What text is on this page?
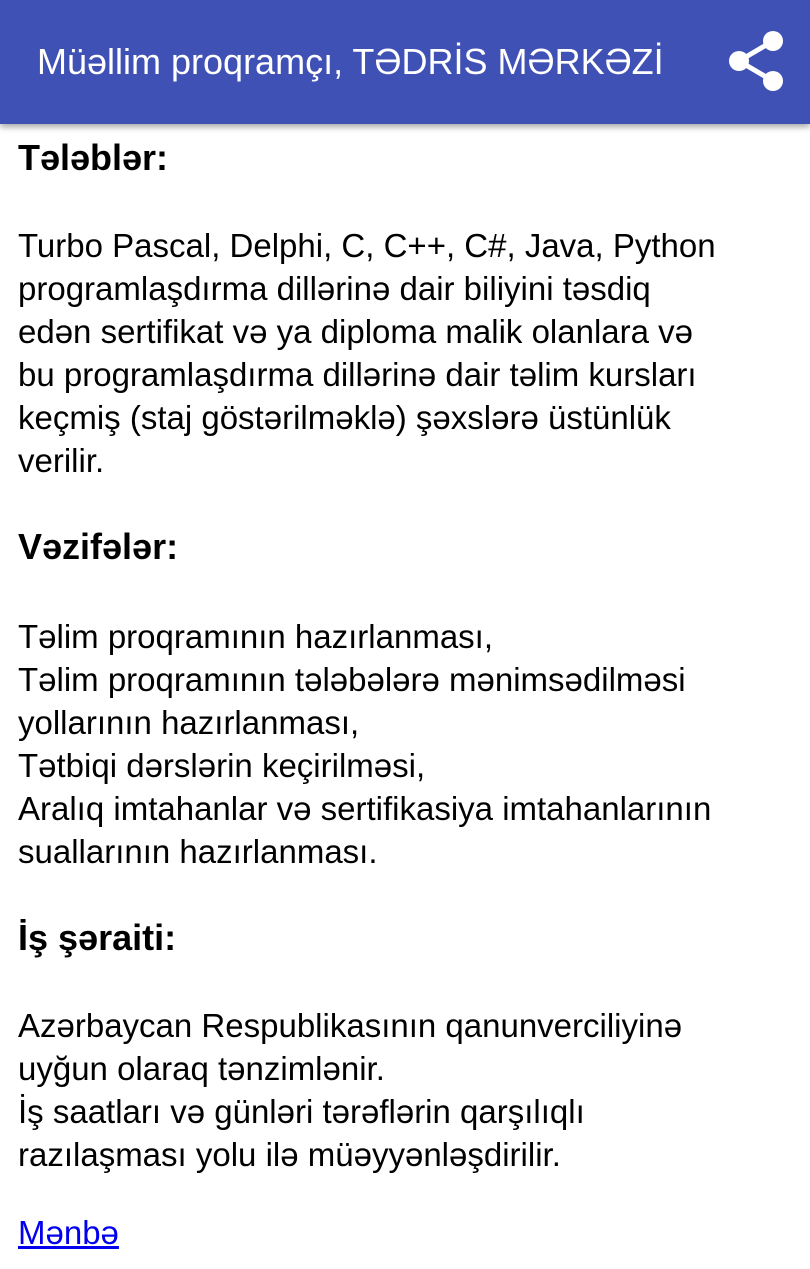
Müəllim proqramçı, TƏDRİS MƏRKƏZİ
Tələblər:
Turbo Pascal, Delphi, C, C++, C#, Java, Python
programlaşdırma dillərinə dair biliyini təsdiq
edən sertifikat və ya diploma malik olanlara və
bu programlaşdırma dillərinə dair təlim kursları
keçmiş (staj göstərilməklə) şəxslərə üstünlük
verilir.
Vəzifələr:
Təlim proqramının hazırlanması,
Təlim proqramının tələbələrə mənimsədilməsi
yollarının hazırlanması,
Tətbiqi dərslərin keçirilməsi,
Aralıq imtahanlar və sertifikasiya imtahanlarının
suallarının hazırlanması.
İş şəraiti:
Azərbaycan Respublikasının qanunverciliyinə
uyğun olaraq tənzimlənir.
İş saatları və günləri tərəflərin qarşılıqlı
razılaşması yolu ilə müəyyənləşdirilir.
Mənbə
